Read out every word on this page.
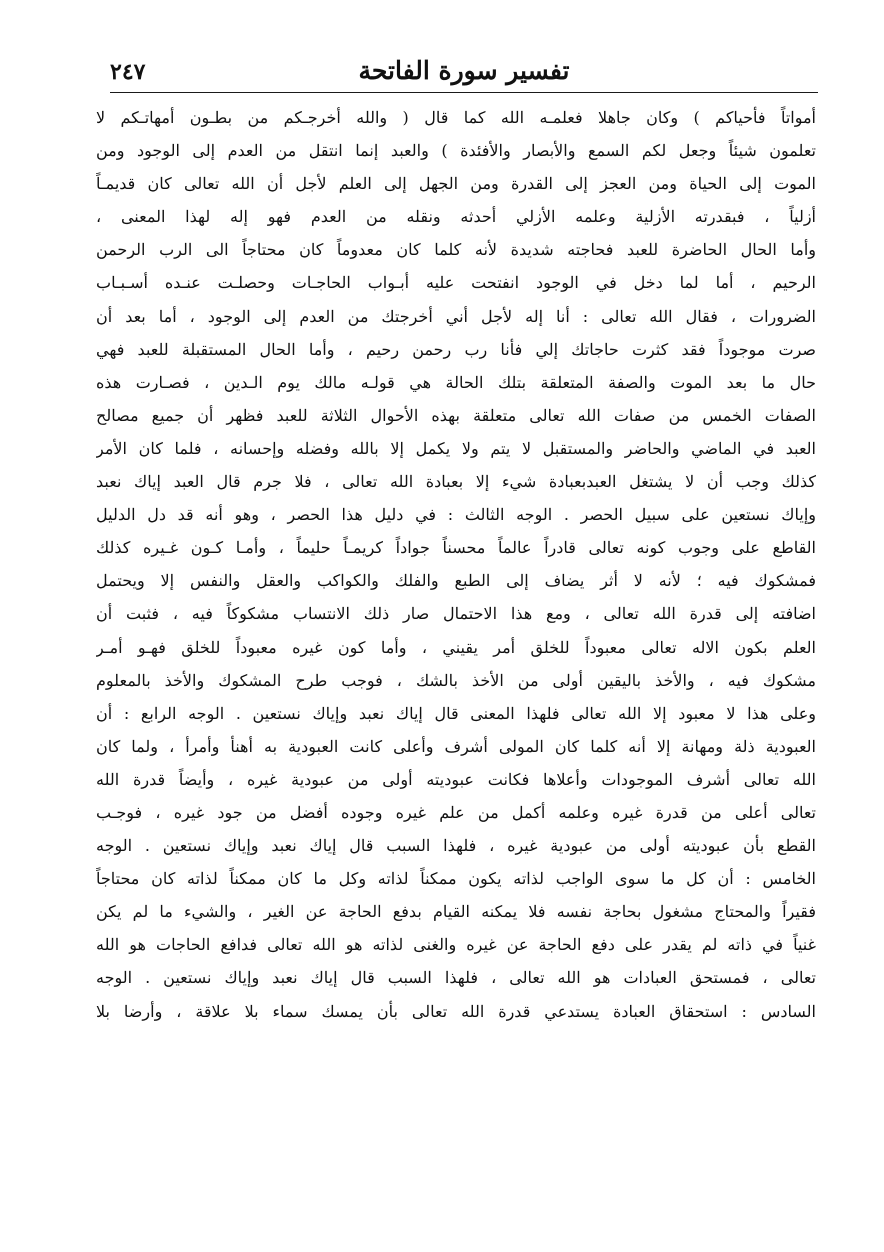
تفسير سورة الفاتحة
٢٤٧
أمواتاً فأحياكم ) وكان جاهلا فعلمـه الله كما قال ( والله أخرجـكم من بطـون أمهاتـكم لا
تعلمون شيئاً وجعل لكم السمع والأبصار والأفئدة ) والعبد إنما انتقل من العدم إلى الوجود ومن
الموت إلى الحياة ومن العجز إلى القدرة ومن الجهل إلى العلم لأجل أن الله تعالى كان قديمـاً
أزلياً ، فبقدرته الأزلية وعلمه الأزلي أحدثه ونقله من العدم فهو إله لهذا المعنى ،
وأما الحال الحاضرة للعبد فحاجته شديدة لأنه كلما كان معدوماً كان محتاجاً الى الرب الرحمن
الرحيم ، أما لما دخل في الوجود انفتحت عليه أبـواب الحاجـات وحصلـت عنـده أسـبـاب
الضرورات ، فقال الله تعالى : أنا إله لأجل أني أخرجتك من العدم إلى الوجود ، أما بعد أن
صرت موجوداً فقد كثرت حاجاتك إلي فأنا رب رحمن رحيم ، وأما الحال المستقبلة للعبد فهي
حال ما بعد الموت والصفة المتعلقة بتلك الحالة هي قولـه مالك يوم الـدين ، فصـارت هذه
الصفات الخمس من صفات الله تعالى متعلقة بهذه الأحوال الثلاثة للعبد فظهر أن جميع مصالح
العبد في الماضي والحاضر والمستقبل لا يتم ولا يكمل إلا بالله وفضله وإحسانه ، فلما كان الأمر
كذلك وجب أن لا يشتغل العبدبعبادة شيء إلا بعبادة الله تعالى ، فلا جرم قال العبد إياك نعبد
وإياك نستعين على سبيل الحصر . الوجه الثالث : في دليل هذا الحصر ، وهو أنه قد دل الدليل
القاطع على وجوب كونه تعالى قادراً عالماً محسناً جواداً كريمـاً حليماً ، وأمـا كـون غـيره كذلك
فمشكوك فيه ؛ لأنه لا أثر يضاف إلى الطبع والفلك والكواكب والعقل والنفس إلا ويحتمل
اضافته إلى قدرة الله تعالى ، ومع هذا الاحتمال صار ذلك الانتساب مشكوكاً فيه ، فثبت أن
العلم بكون الاله تعالى معبوداً للخلق أمر يقيني ، وأما كون غيره معبوداً للخلق فهـو أمـر
مشكوك فيه ، والأخذ باليقين أولى من الأخذ بالشك ، فوجب طرح المشكوك والأخذ بالمعلوم
وعلى هذا لا معبود إلا الله تعالى فلهذا المعنى قال إياك نعبد وإياك نستعين . الوجه الرابع : أن
العبودية ذلة ومهانة إلا أنه كلما كان المولى أشرف وأعلى كانت العبودية به أهنأ وأمرأ ، ولما كان
الله تعالى أشرف الموجودات وأعلاها فكانت عبوديته أولى من عبودية غيره ، وأيضاً قدرة الله
تعالى أعلى من قدرة غيره وعلمه أكمل من علم غيره وجوده أفضل من جود غيره ، فوجـب
القطع بأن عبوديته أولى من عبودية غيره ، فلهذا السبب قال إياك نعبد وإياك نستعين . الوجه
الخامس : أن كل ما سوى الواجب لذاته يكون ممكناً لذاته وكل ما كان ممكناً لذاته كان محتاجاً
فقيراً والمحتاج مشغول بحاجة نفسه فلا يمكنه القيام بدفع الحاجة عن الغير ، والشيء ما لم يكن
غنياً في ذاته لم يقدر على دفع الحاجة عن غيره والغنى لذاته هو الله تعالى فدافع الحاجات هو الله
تعالى ، فمستحق العبادات هو الله تعالى ، فلهذا السبب قال إياك نعبد وإياك نستعين . الوجه
السادس : استحقاق العبادة يستدعي قدرة الله تعالى بأن يمسك سماء بلا علاقة ، وأرضا بلا
